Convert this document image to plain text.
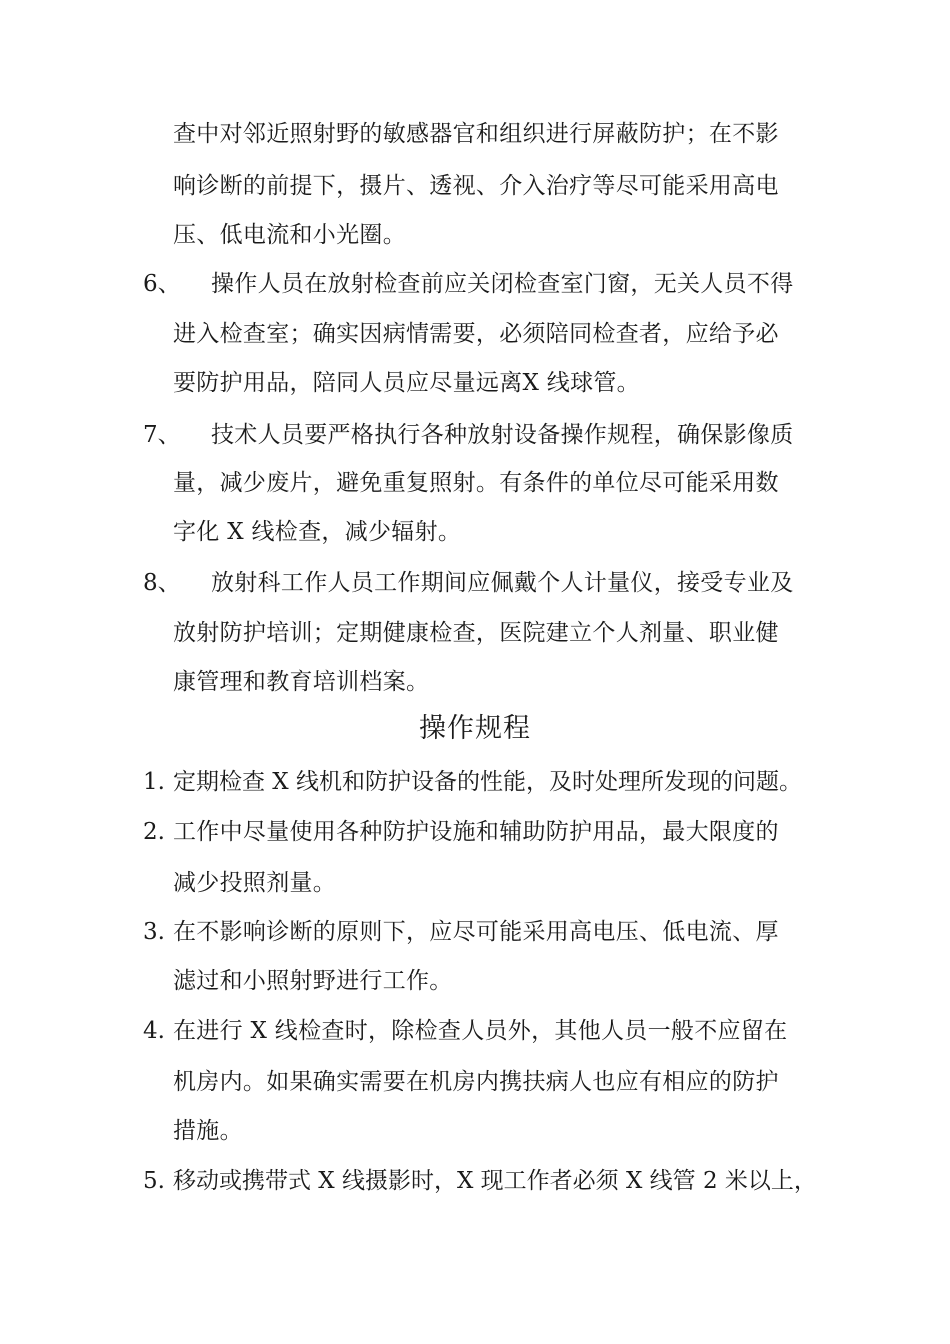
查中对邻近照射野的敏感器官和组织进行屏蔽防护；在不影
响诊断的前提下，摄片、透视、介入治疗等尽可能采用高电
压、低电流和小光圈。
6、 操作人员在放射检查前应关闭检查室门窗，无关人员不得
进入检查室；确实因病情需要，必须陪同检查者，应给予必
要防护用品，陪同人员应尽量远离X 线球管。
7、 技术人员要严格执行各种放射设备操作规程，确保影像质
量，减少废片，避免重复照射。有条件的单位尽可能采用数
字化 X 线检查，减少辐射。
8、 放射科工作人员工作期间应佩戴个人计量仪，接受专业及
放射防护培训；定期健康检查，医院建立个人剂量、职业健
康管理和教育培训档案。
操作规程
1. 定期检查 X 线机和防护设备的性能，及时处理所发现的问题。
2. 工作中尽量使用各种防护设施和辅助防护用品，最大限度的
减少投照剂量。
3. 在不影响诊断的原则下，应尽可能采用高电压、低电流、厚
滤过和小照射野进行工作。
4. 在进行 X 线检查时，除检查人员外，其他人员一般不应留在
机房内。如果确实需要在机房内携扶病人也应有相应的防护
措施。
5. 移动或携带式 X 线摄影时，X 现工作者必须 X 线管 2 米以上，
